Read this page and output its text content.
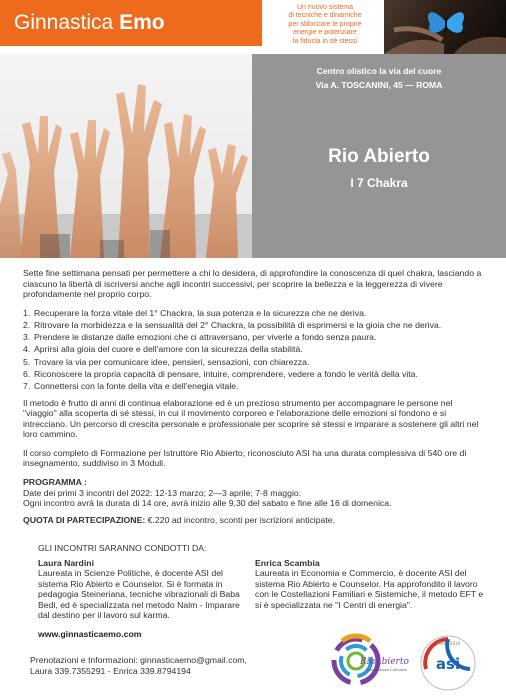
Ginnastica Emo
Un nuovo sistema
di tecniche e dinamiche
per sbloccare le proprie
energie e potenziare
la fiducia in sé stessi
Centro olistico la via del cuore
Via A. TOSCANINI, 45 — ROMA
Rio Abierto
I 7 Chakra

Sette fine settimana pensati per permettere a chi lo desidera, di approfondire la conoscenza di quel chakra, lasciando a ciascuno la libertà di iscriversi anche agli incontri successivi, per scoprire la bellezza e la leggerezza di vivere profondamente nel proprio corpo.

1. Recuperare la forza vitale del 1° Chackra, la sua potenza e la sicurezza che ne deriva.
2. Ritrovare la morbidezza e la sensualità del 2° Chackra, la possibilità di esprimersi e la gioia che ne deriva.
3. Prendere le distanze dalle emozioni che ci attraversano, per viverle a fondo senza paura.
4. Aprirsi alla gioia del cuore e dell'amore con la sicurezza della stabilità.
5. Trovare la via per comunicare idee, pensieri, sensazioni, con chiarezza.
6. Riconoscere la propria capacità di pensare, intuire, comprendere, vedere a fondo le verità della vita.
7. Connettersi con la fonte della vita e dell'enegia vitale.

Il metodo è frutto di anni di continua elaborazione ed è un prezioso strumento per accompagnare le persone nel "viaggio" alla scoperta di sé stessi, in cui il movimento corporeo e l'elaborazione delle emozioni si fondono e si intrecciano. Un percorso di crescita personale e professionale per scoprire sé stessi e imparare a sostenere gli altri nel loro cammino.

Il corso completo di Formazione per Istruttore Rio Abierto, riconosciuto ASI ha una durata complessiva di 540 ore di insegnamento, suddiviso in 3 Moduli.

PROGRAMMA :
Date dei primi 3 incontri del 2022: 12-13 marzo; 2—3 aprile; 7-8 maggio.
Ogni incontro avrà la durata di 14 ore, avrà inizio alle 9,30 del sabato e fine alle 16 di domenica.
QUOTA DI PARTECIPAZIONE: €.220 ad incontro, sconti per iscrizioni anticipate.
GLI INCONTRI SARANNO CONDOTTI DA:
Laura Nardini
Laureata in Scienze Politiche, è docente ASI del sistema Rio Abierto e Counselor. Si è formata in pedagogia Steineriana, tecniche vibrazionali di Baba Bedi, ed è specializzata nel metodo Nalm - Imparare dal destino per il lavoro sul karma.
Enrica Scambia
Laureata in Economia e Commercio, è docente ASI del sistema Rio Abierto e Counselor. Ha approfondito il lavoro con le Costellazioni Familiari e Sistemiche, il metodo EFT e si è specializzata ne "I Centri di energia".
www.ginnasticaemo.com
Prenotazioni e Informazioni: ginnasticaemo@gmail.com,
Laura 339.7355291 - Enrica 339.8794194
RioAbierto
Associazione Culturale asi
1994 · 2019
